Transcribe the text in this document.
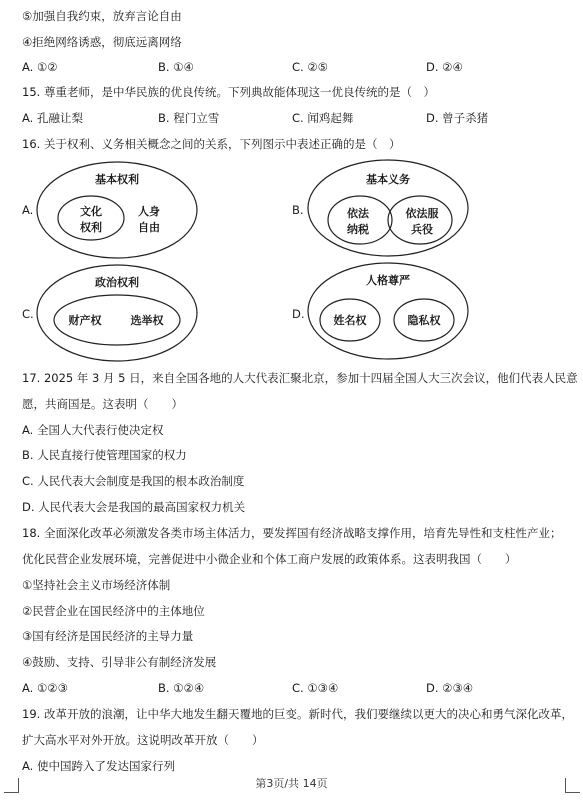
⑤加强自我约束，放弃言论自由
④拒绝网络诱惑，彻底远离网络
A. ①②	B. ①④	C. ②⑤	D. ②④
15. 尊重老师，是中华民族的优良传统。下列典故能体现这一优良传统的是（　）
A. 孔融让梨	B. 程门立雪	C. 闻鸡起舞	D. 曾子杀猪
16. 关于权利、义务相关概念之间的关系，下列图示中表述正确的是（　）
A.	B.
C.	D.
基本权利
文化
权利
人身
自由
基本义务
依法
纳税
依法服
兵役
政治权利
财产权	选举权
人格尊严
姓名权	隐私权
17. 2025 年 3 月 5 日，来自全国各地的人大代表汇聚北京，参加十四届全国人大三次会议，他们代表人民意
愿，共商国是。这表明（　　）
A. 全国人大代表行使决定权
B. 人民直接行使管理国家的权力
C. 人民代表大会制度是我国的根本政治制度
D. 人民代表大会是我国的最高国家权力机关
18. 全面深化改革必须激发各类市场主体活力，要发挥国有经济战略支撑作用，培育先导性和支柱性产业；
优化民营企业发展环境，完善促进中小微企业和个体工商户发展的政策体系。这表明我国（　　）
①坚持社会主义市场经济体制
②民营企业在国民经济中的主体地位
③国有经济是国民经济的主导力量
④鼓励、支持、引导非公有制经济发展
A. ①②③	B. ①②④	C. ①③④	D. ②③④
19. 改革开放的浪潮，让中华大地发生翻天覆地的巨变。新时代，我们要继续以更大的决心和勇气深化改革，
扩大高水平对外开放。这说明改革开放（　　）
A. 使中国跨入了发达国家行列
第3页/共 14页
